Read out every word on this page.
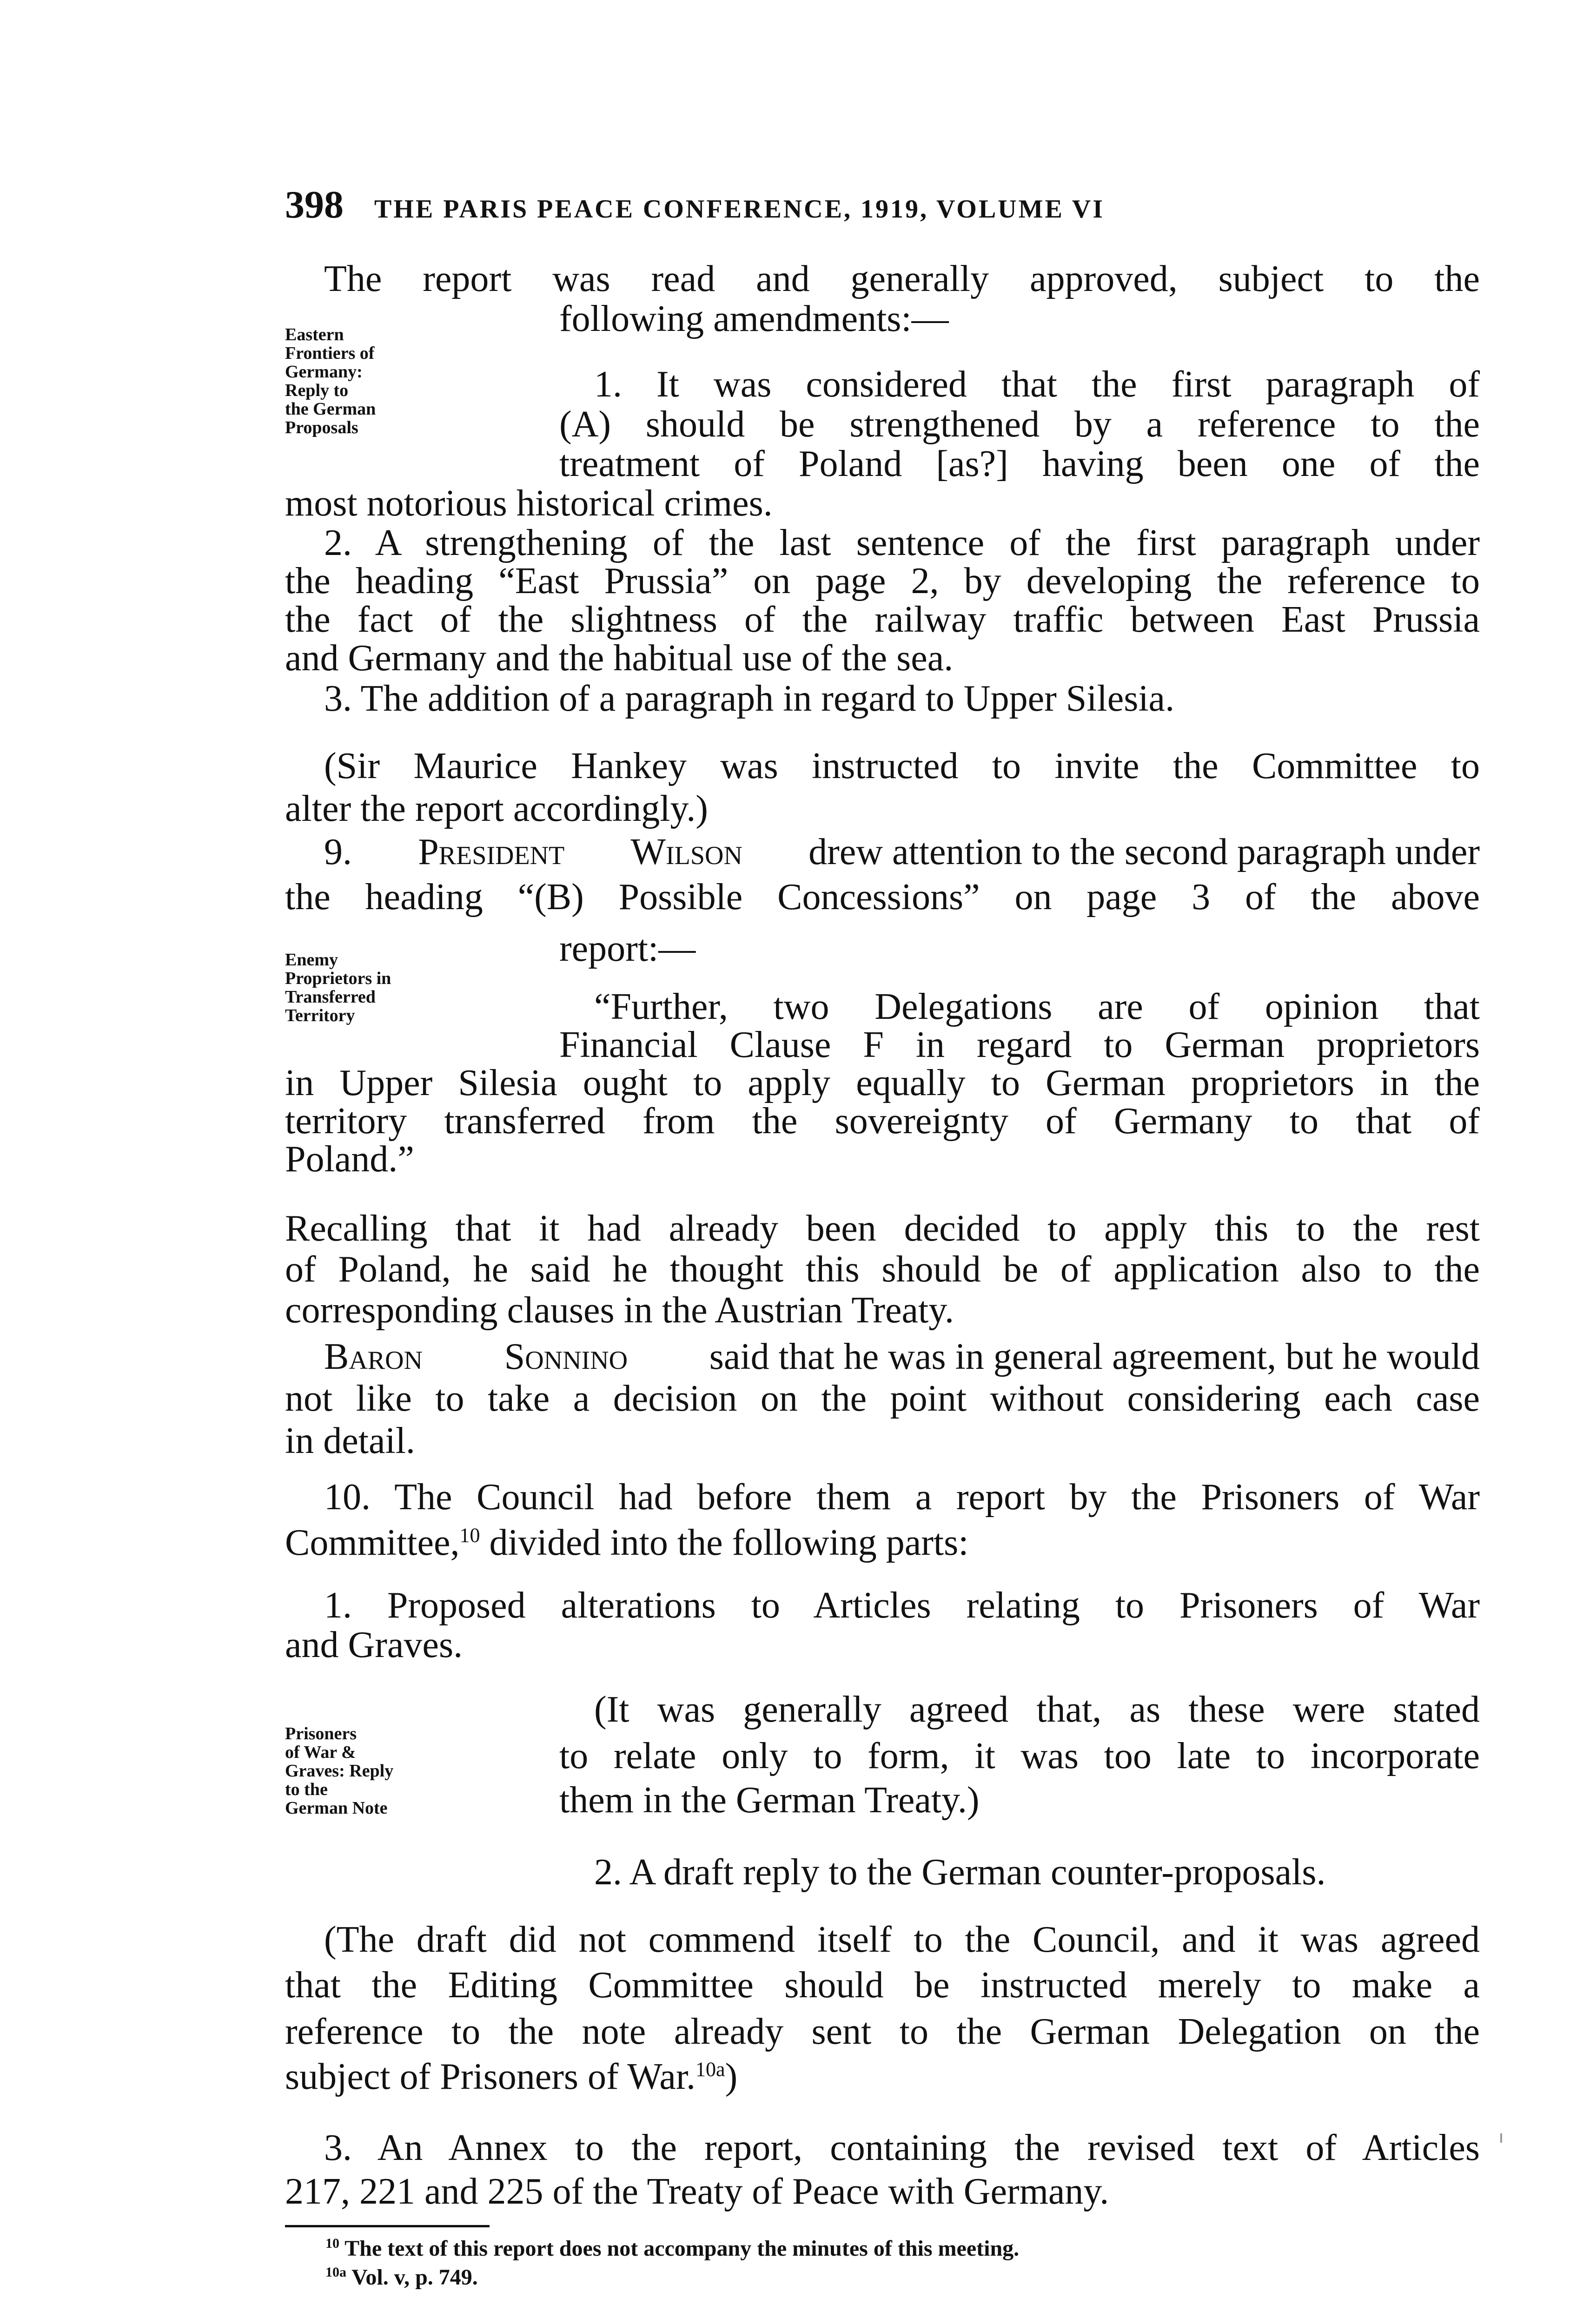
398 THE PARIS PEACE CONFERENCE, 1919, VOLUME VI
Eastern
Frontiers of
Germany:
Reply to
the German
Proposals
Enemy
Proprietors in
Transferred
Territory
Prisoners
of War &
Graves: Reply
to the
German Note
The report was read and generally approved, subject to the
following amendments:—
1. It was considered that the first paragraph of
(A) should be strengthened by a reference to the
treatment of Poland [as?] having been one of the
most notorious historical crimes.
2. A strengthening of the last sentence of the first paragraph under
the heading “East Prussia” on page 2, by developing the reference to
the fact of the slightness of the railway traffic between East Prussia
and Germany and the habitual use of the sea.
3. The addition of a paragraph in regard to Upper Silesia.
(Sir Maurice Hankey was instructed to invite the Committee to
alter the report accordingly.)
9. President Wilson drew attention to the second paragraph under
the heading “(B) Possible Concessions” on page 3 of the above
report:—
“Further, two Delegations are of opinion that
Financial Clause F in regard to German proprietors
in Upper Silesia ought to apply equally to German proprietors in the
territory transferred from the sovereignty of Germany to that of
Poland.”
Recalling that it had already been decided to apply this to the rest
of Poland, he said he thought this should be of application also to the
corresponding clauses in the Austrian Treaty.
Baron Sonnino said that he was in general agreement, but he would
not like to take a decision on the point without considering each case
in detail.
10. The Council had before them a report by the Prisoners of War
Committee,$^{10}$ divided into the following parts:
1. Proposed alterations to Articles relating to Prisoners of War
and Graves.
(It was generally agreed that, as these were stated
to relate only to form, it was too late to incorporate
them in the German Treaty.)
2. A draft reply to the German counter-proposals.
(The draft did not commend itself to the Council, and it was agreed
that the Editing Committee should be instructed merely to make a
reference to the note already sent to the German Delegation on the
subject of Prisoners of War.$^{10a}$)
3. An Annex to the report, containing the revised text of Articles
217, 221 and 225 of the Treaty of Peace with Germany.
$^{10}$ The text of this report does not accompany the minutes of this meeting.
$^{10a}$ Vol. v, p. 749.
